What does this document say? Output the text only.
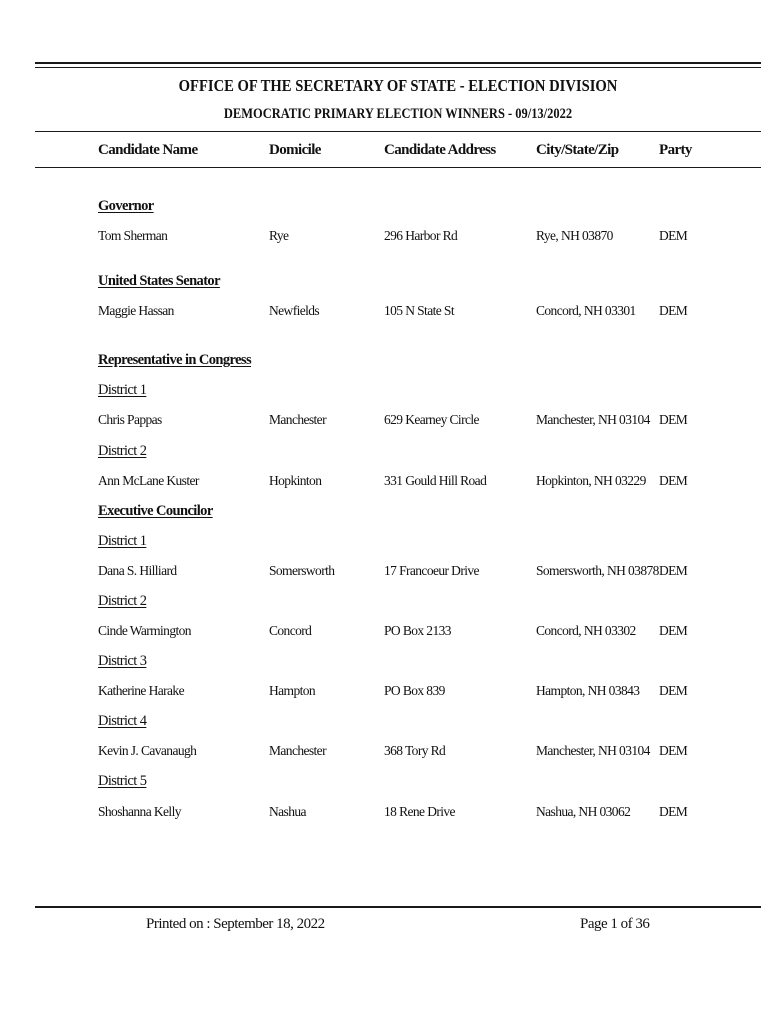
OFFICE OF THE SECRETARY OF STATE - ELECTION DIVISION
DEMOCRATIC PRIMARY ELECTION WINNERS - 09/13/2022
Candidate Name	Domicile	Candidate Address	City/State/Zip	Party
Governor
Tom Sherman	Rye	296 Harbor Rd	Rye, NH 03870	DEM
United States Senator
Maggie Hassan	Newfields	105 N State St	Concord, NH 03301 DEM
Representative in Congress
District 1
Chris Pappas	Manchester	629 Kearney Circle	Manchester, NH 03104 DEM
District 2
Ann McLane Kuster	Hopkinton	331 Gould Hill Road	Hopkinton, NH 03229 DEM
Executive Councilor
District 1
Dana S. Hilliard	Somersworth	17 Francoeur Drive	Somersworth, NH 03878 DEM
District 2
Cinde Warmington	Concord	PO Box 2133	Concord, NH 03302 DEM
District 3
Katherine Harake	Hampton	PO Box 839	Hampton, NH 03843 DEM
District 4
Kevin J. Cavanaugh	Manchester	368 Tory Rd	Manchester, NH 03104 DEM
District 5
Shoshanna Kelly	Nashua	18 Rene Drive	Nashua, NH 03062 DEM
Printed on : September 18, 2022	Page 1 of 36
